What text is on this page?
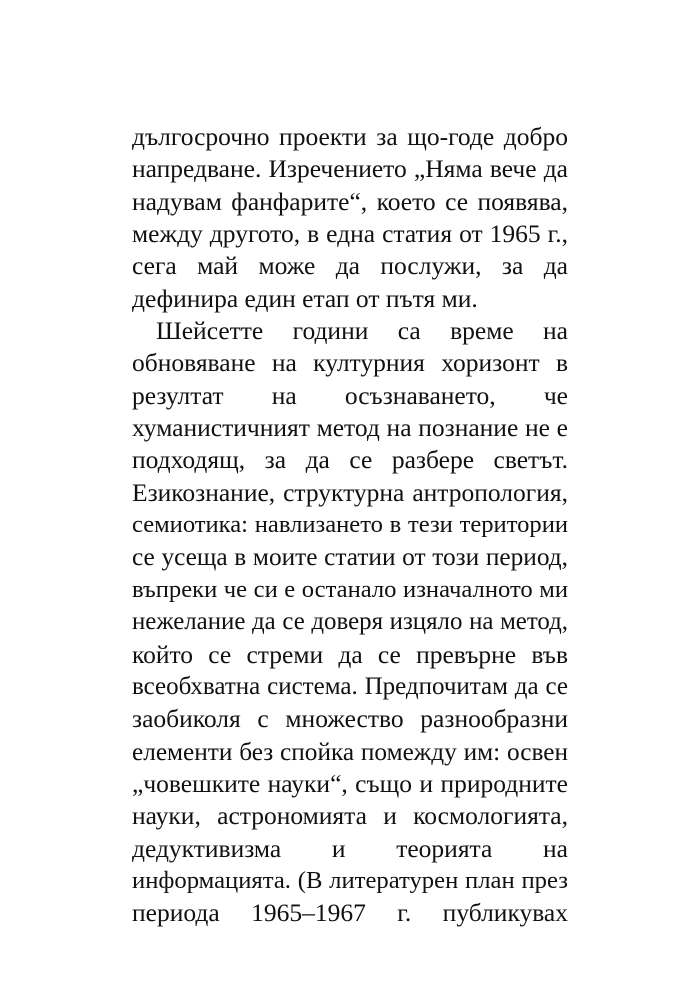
дългосрочно проекти за що-годе добро
напредване. Изречението „Няма вече да
надувам фанфарите“, което се появява,
между другото, в една статия от 1965 г.,
сега май може да послужи, за да
дефинира един етап от пътя ми.
Шейсетте години са време на
обновяване на културния хоризонт в
резултат на осъзнаването, че
хуманистичният метод на познание не е
подходящ, за да се разбере светът.
Езикознание, структурна антропология,
семиотика: навлизането в тези територии
се усеща в моите статии от този период,
въпреки че си е останало изначалното ми
нежелание да се доверя изцяло на метод,
който се стреми да се превърне във
всеобхватна система. Предпочитам да се
заобиколя с множество разнообразни
елементи без спойка помежду им: освен
„човешките науки“, също и природните
науки, астрономията и космологията,
дедуктивизма и теорията на
информацията. (В литературен план през
периода 1965–1967 г. публикувах
